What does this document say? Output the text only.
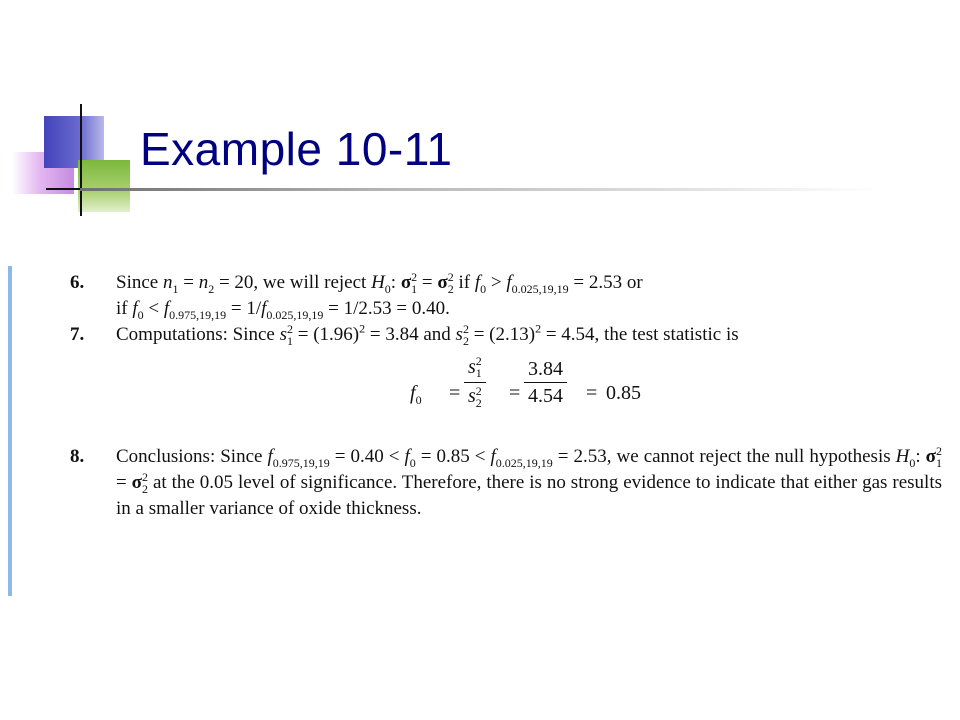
Example 10-11
6. Since $n_1 = n_2 = 20$, we will reject $H_0$: σ 2
1 = σ 2
2 if $f_0 > f_{0.025,19,19} = 2.53$ or
if $f_0 < f_{0.975,19,19} = 1/f_{0.025,19,19} = 1/2.53 = 0.40$.
7. Computations: Since s 2
$1 = (1.96)^2 = 3.84$ and s 2
$2 = (2.13)^2 = 4.54$, the test statistic is
$f_0 = s$ 2
1
s 2
$2 = \frac{3.84}{4.54} = 0.85$
8. Conclusions: Since $f_{0.975,19,19} = 0.40 < f_0 = 0.85 < f_{0.025,19,19} = 2.53$, we cannot reject the null hypothesis $H_0$: σ 2
1
= σ 2
2 at the 0.05 level of significance. Therefore, there is no strong evidence to indicate that either gas results in a smaller variance of oxide thickness.
